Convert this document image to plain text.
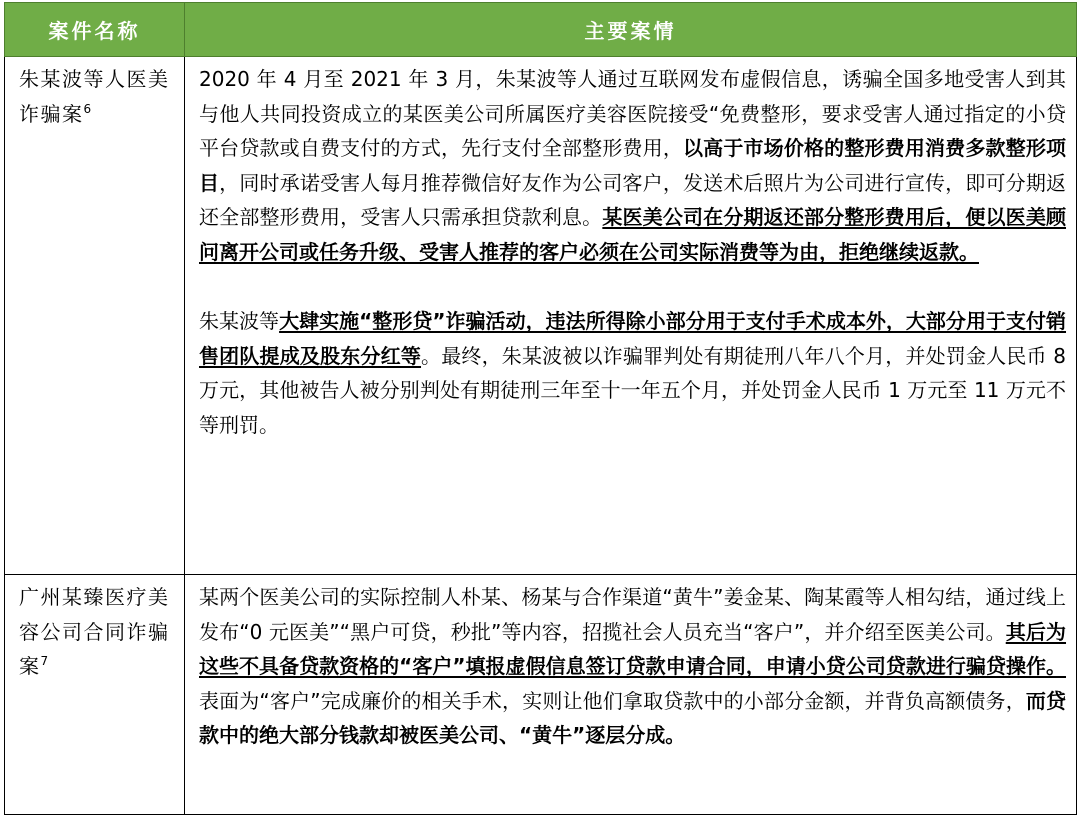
案件名称	主要案情
朱某波等人医美诈骗案$^6$	2020 年 4 月至 2021 年 3 月，朱某波等人通过互联网发布虚假信息，诱骗全国多地受害人到其与他人共同投资成立的某医美公司所属医疗美容医院接受“免费整形，要求受害人通过指定的小贷平台贷款或自费支付的方式，先行支付全部整形费用，以高于市场价格的整形费用消费多款整形项目，同时承诺受害人每月推荐微信好友作为公司客户，发送术后照片为公司进行宣传，即可分期返还全部整形费用，受害人只需承担贷款利息。某医美公司在分期返还部分整形费用后，便以医美顾问离开公司或任务升级、受害人推荐的客户必须在公司实际消费等为由，拒绝继续返款。

朱某波等大肆实施“整形贷”诈骗活动，违法所得除小部分用于支付手术成本外，大部分用于支付销售团队提成及股东分红等。最终，朱某波被以诈骗罪判处有期徒刑八年八个月，并处罚金人民币 8 万元，其他被告人被分别判处有期徒刑三年至十一年五个月，并处罚金人民币 1 万元至 11 万元不等刑罚。

广州某臻医疗美容公司合同诈骗案$^7$	某两个医美公司的实际控制人朴某、杨某与合作渠道“黄牛”姜金某、陶某霞等人相勾结，通过线上发布“0 元医美”“黑户可贷，秒批”等内容，招揽社会人员充当“客户”，并介绍至医美公司。其后为这些不具备贷款资格的“客户”填报虚假信息签订贷款申请合同，申请小贷公司贷款进行骗贷操作。表面为“客户”完成廉价的相关手术，实则让他们拿取贷款中的小部分金额，并背负高额债务，而贷款中的绝大部分钱款却被医美公司、“黄牛”逐层分成。
